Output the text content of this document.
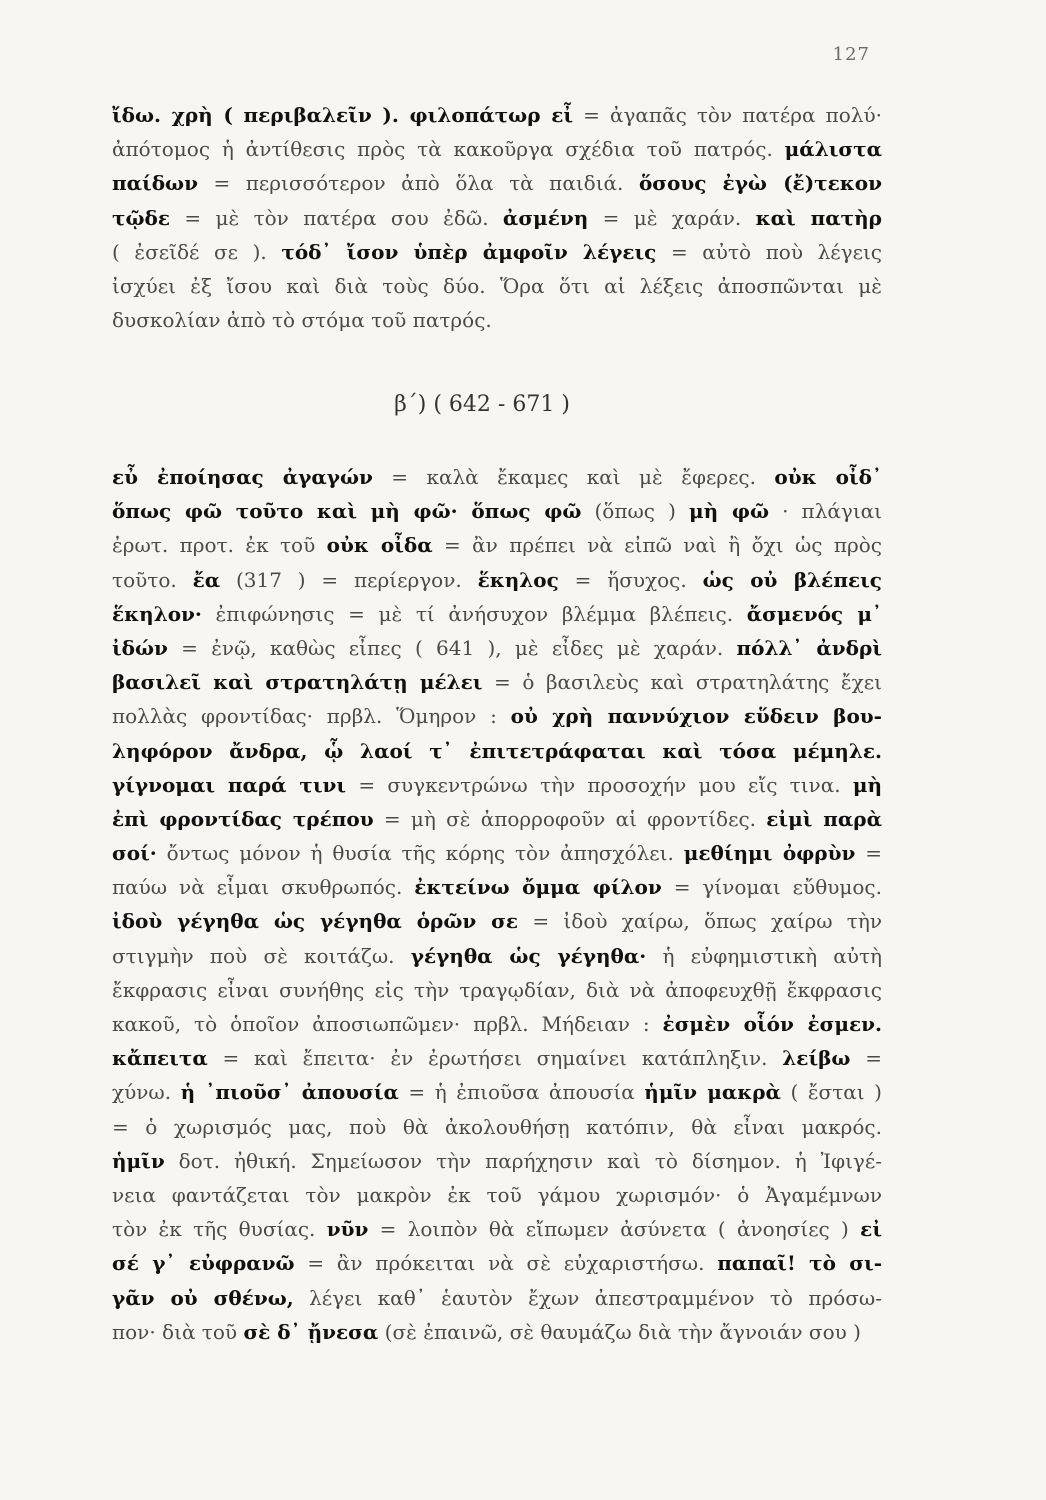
127
ἴδω. χρὴ ( περιβαλεῖν ). φιλοπάτωρ εἶ = ἀγαπᾶς τὸν πατέρα πολύ·
ἀπότομος ἡ ἀντίθεσις πρὸς τὰ κακοῦργα σχέδια τοῦ πατρός. μάλιστα
παίδων = περισσότερον ἀπὸ ὅλα τὰ παιδιά. ὅσους ἐγὼ (ἔ)τεκον
τῷδε = μὲ τὸν πατέρα σου ἐδῶ. ἀσμένη = μὲ χαράν. καὶ πατὴρ
( ἐσεῖδέ σε ). τόδ᾽ ἴσον ὑπὲρ ἀμφοῖν λέγεις = αὐτὸ ποὺ λέγεις
ἰσχύει ἐξ ἴσου καὶ διὰ τοὺς δύο. Ὅρα ὅτι αἱ λέξεις ἀποσπῶνται μὲ
δυσκολίαν ἀπὸ τὸ στόμα τοῦ πατρός.
β΄) ( 642 - 671 )
εὖ ἐποίησας ἀγαγών = καλὰ ἔκαμες καὶ μὲ ἔφερες. οὐκ οἶδ᾽
ὅπως φῶ τοῦτο καὶ μὴ φῶ· ὅπως φῶ (ὅπως ) μὴ φῶ · πλάγιαι
ἐρωτ. προτ. ἐκ τοῦ οὐκ οἶδα = ἂν πρέπει νὰ εἰπῶ ναὶ ἢ ὄχι ὡς πρὸς
τοῦτο. ἔα (317 ) = περίεργον. ἕκηλος = ἥσυχος. ὡς οὐ βλέπεις
ἕκηλον· ἐπιφώνησις = μὲ τί ἀνήσυχον βλέμμα βλέπεις. ἄσμενός μ᾽
ἰδών = ἐνῷ, καθὼς εἶπες ( 641 ), μὲ εἶδες μὲ χαράν. πόλλ᾽ ἀνδρὶ
βασιλεῖ καὶ στρατηλάτῃ μέλει = ὁ βασιλεὺς καὶ στρατηλάτης ἔχει
πολλὰς φροντίδας· πρβλ. Ὅμηρον : οὐ χρὴ παννύχιον εὕδειν βου-
ληφόρον ἄνδρα, ᾧ λαοί τ᾽ ἐπιτετράφαται καὶ τόσα μέμηλε.
γίγνομαι παρά τινι = συγκεντρώνω τὴν προσοχήν μου εἴς τινα. μὴ
ἐπὶ φροντίδας τρέπου = μὴ σὲ ἀπορροφοῦν αἱ φροντίδες. εἰμὶ παρὰ
σοί· ὄντως μόνον ἡ θυσία τῆς κόρης τὸν ἀπησχόλει. μεθίημι ὀφρὺν =
παύω νὰ εἶμαι σκυθρωπός. ἐκτείνω ὄμμα φίλον = γίνομαι εὔθυμος.
ἰδοὺ γέγηθα ὡς γέγηθα ὁρῶν σε = ἰδοὺ χαίρω, ὅπως χαίρω τὴν
στιγμὴν ποὺ σὲ κοιτάζω. γέγηθα ὡς γέγηθα· ἡ εὐφημιστικὴ αὐτὴ
ἔκφρασις εἶναι συνήθης εἰς τὴν τραγῳδίαν, διὰ νὰ ἀποφευχθῇ ἔκφρασις
κακοῦ, τὸ ὁποῖον ἀποσιωπῶμεν· πρβλ. Μήδειαν : ἐσμὲν οἷόν ἐσμεν.
κἄπειτα = καὶ ἔπειτα· ἐν ἐρωτήσει σημαίνει κατάπληξιν. λείβω =
χύνω. ἡ ᾽πιοῦσ᾽ ἀπουσία = ἡ ἐπιοῦσα ἀπουσία ἡμῖν μακρὰ ( ἔσται )
= ὁ χωρισμός μας, ποὺ θὰ ἀκολουθήσῃ κατόπιν, θὰ εἶναι μακρός.
ἡμῖν δοτ. ἠθική. Σημείωσον τὴν παρήχησιν καὶ τὸ δίσημον. ἡ Ἰφιγέ-
νεια φαντάζεται τὸν μακρὸν ἐκ τοῦ γάμου χωρισμόν· ὁ Ἀγαμέμνων
τὸν ἐκ τῆς θυσίας. νῦν = λοιπὸν θὰ εἴπωμεν ἀσύνετα ( ἀνοησίες ) εἰ
σέ γ᾽ εὐφρανῶ = ἂν πρόκειται νὰ σὲ εὐχαριστήσω. παπαῖ! τὸ σι-
γᾶν οὐ σθένω, λέγει καθ᾽ ἑαυτὸν ἔχων ἀπεστραμμένον τὸ πρόσω-
πον· διὰ τοῦ σὲ δ᾽ ᾔνεσα (σὲ ἐπαινῶ, σὲ θαυμάζω διὰ τὴν ἄγνοιάν σου )
